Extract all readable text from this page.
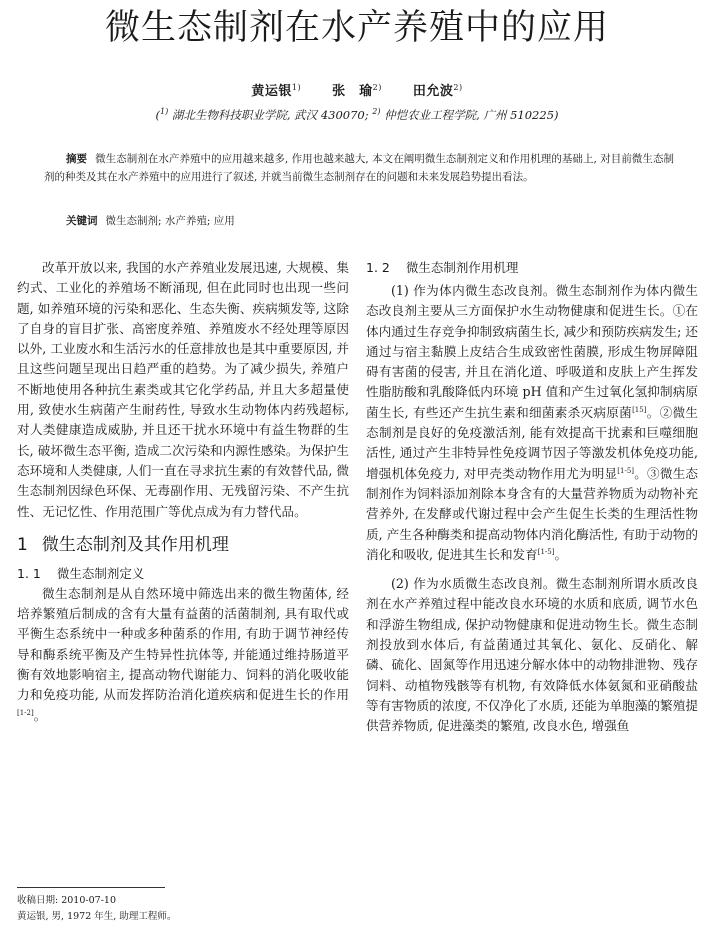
微生态制剂在水产养殖中的应用
黄运银$^{1)}$ 张　瑜$^{2)}$ 田允波$^{2)}$
($^{1)}$ 湖北生物科技职业学院, 武汉 430070; $^{2)}$ 仲恺农业工程学院, 广州 510225)
摘要 微生态制剂在水产养殖中的应用越来越多, 作用也越来越大, 本文在阐明微生态制剂定义和作用机理的基础上, 对目前微生态制剂的种类及其在水产养殖中的应用进行了叙述, 并就当前微生态制剂存在的问题和未来发展趋势提出看法。
关键词 微生态制剂; 水产养殖; 应用

改革开放以来, 我国的水产养殖业发展迅速, 大规模、集约式、工业化的养殖场不断涌现, 但在此同时也出现一些问题, 如养殖环境的污染和恶化、生态失衡、疾病频发等, 这除了自身的盲目扩张、高密度养殖、养殖废水不经处理等原因以外, 工业废水和生活污水的任意排放也是其中重要原因, 并且这些问题呈现出日趋严重的趋势。为了减少损失, 养殖户不断地使用各种抗生素类或其它化学药品, 并且大多超量使用, 致使水生病菌产生耐药性, 导致水生动物体内药残超标, 对人类健康造成威胁, 并且还干扰水环境中有益生物群的生长, 破坏微生态平衡, 造成二次污染和内源性感染。为保护生态环境和人类健康, 人们一直在寻求抗生素的有效替代品, 微生态制剂因绿色环保、无毒副作用、无残留污染、不产生抗性、无记忆性、作用范围广等优点成为有力替代品。

1 微生态制剂及其作用机理
1. 1 微生态制剂定义

微生态制剂是从自然环境中筛选出来的微生物菌体, 经培养繁殖后制成的含有大量有益菌的活菌制剂, 具有取代或平衡生态系统中一种或多种菌系的作用, 有助于调节神经传导和酶系统平衡及产生特异性抗体等, 并能通过维持肠道平衡有效地影响宿主, 提高动物代谢能力、饲料的消化吸收能力和免疫功能, 从而发挥防治消化道疾病和促进生长的作用[1-2]。

1. 2 微生态制剂作用机理

(1) 作为体内微生态改良剂。微生态制剂作为体内微生态改良剂主要从三方面保护水生动物健康和促进生长。①在体内通过生存竞争抑制致病菌生长, 减少和预防疾病发生; 还通过与宿主黏膜上皮结合生成致密性菌膜, 形成生物屏障阻碍有害菌的侵害, 并且在消化道、呼吸道和皮肤上产生挥发性脂肪酸和乳酸降低内环境 pH 值和产生过氧化氢抑制病原菌生长, 有些还产生抗生素和细菌素杀灭病原菌[15]。②微生态制剂是良好的免疫激活剂, 能有效提高干扰素和巨噬细胞活性, 通过产生非特异性免疫调节因子等激发机体免疫功能, 增强机体免疫力, 对甲壳类动物作用尤为明显[1-5]。③微生态制剂作为饲料添加剂除本身含有的大量营养物质为动物补充营养外, 在发酵或代谢过程中会产生促生长类的生理活性物质, 产生各种酶类和提高动物体内消化酶活性, 有助于动物的消化和吸收, 促进其生长和发育[1-5]。

(2) 作为水质微生态改良剂。微生态制剂所谓水质改良剂在水产养殖过程中能改良水环境的水质和底质, 调节水色和浮游生物组成, 保护动物健康和促进动物生长。微生态制剂投放到水体后, 有益菌通过其氧化、氨化、反硝化、解磷、硫化、固氮等作用迅速分解水体中的动物排泄物、残存饲料、动植物残骸等有机物, 有效降低水体氨氮和亚硝酸盐等有害物质的浓度, 不仅净化了水质, 还能为单胞藻的繁殖提供营养物质, 促进藻类的繁殖, 改良水色, 增强鱼

收稿日期: 2010-07-10
黄运银, 男, 1972 年生, 助理工程师。
